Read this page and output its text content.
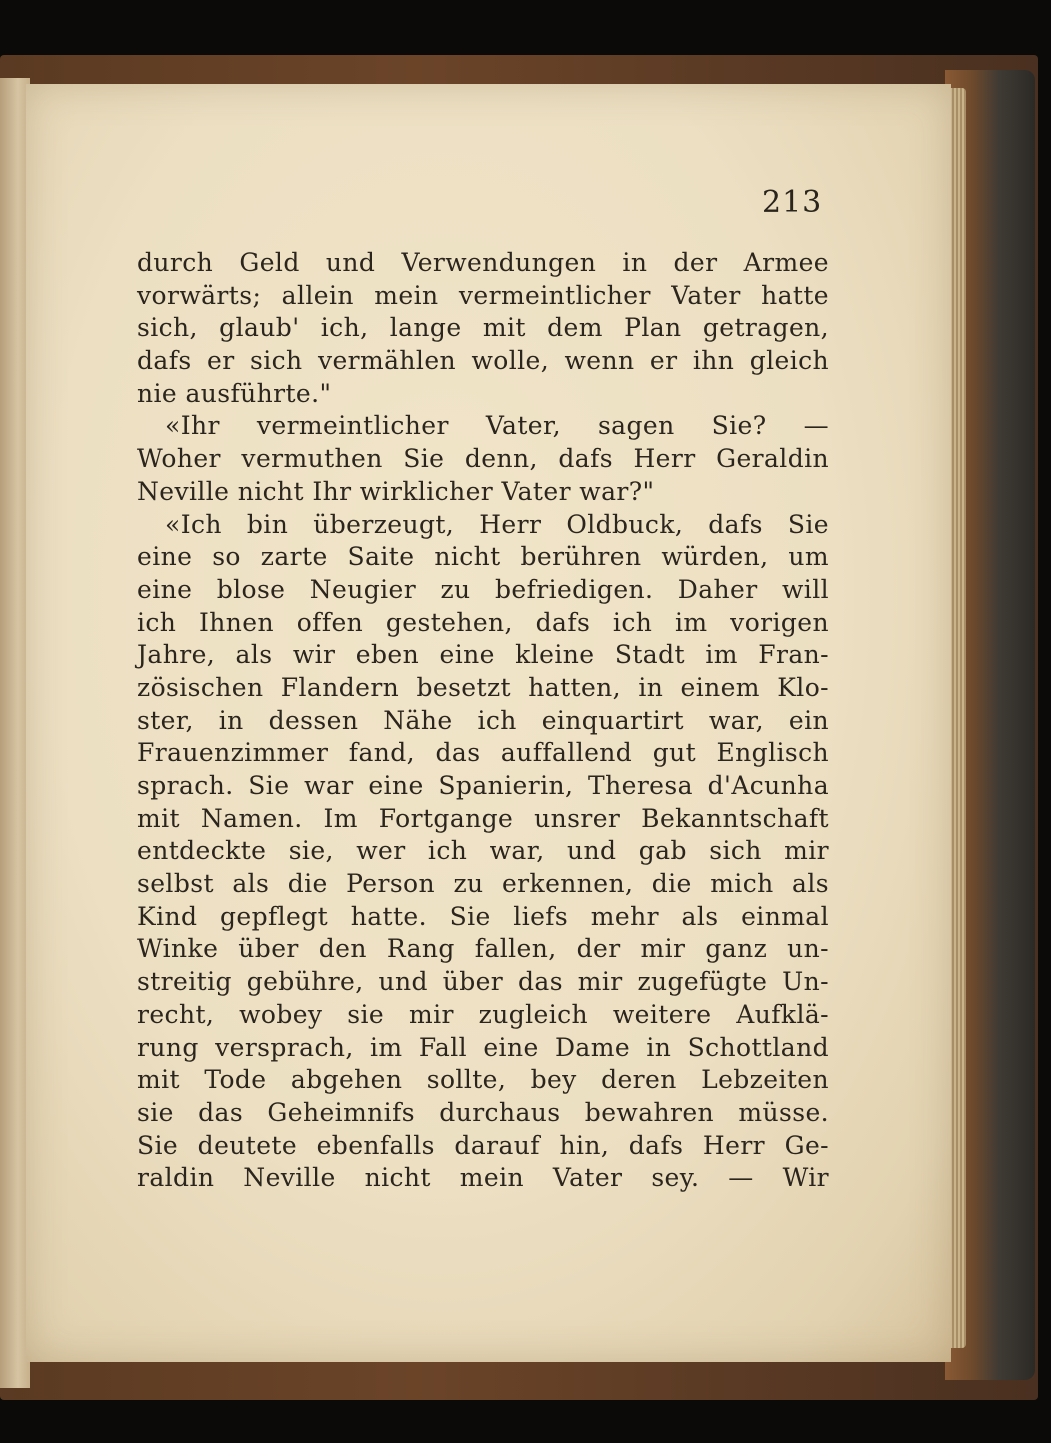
213

durch Geld und Verwendungen in der Armee
vorwärts; allein mein vermeintlicher Vater hatte
sich, glaub' ich, lange mit dem Plan getragen,
dafs er sich vermählen wolle, wenn er ihn gleich
nie ausführte."
«Ihr vermeintlicher Vater, sagen Sie? —
Woher vermuthen Sie denn, dafs Herr Geraldin
Neville nicht Ihr wirklicher Vater war?"
«Ich bin überzeugt, Herr Oldbuck, dafs Sie
eine so zarte Saite nicht berühren würden, um
eine blose Neugier zu befriedigen. Daher will
ich Ihnen offen gestehen, dafs ich im vorigen
Jahre, als wir eben eine kleine Stadt im Fran-
zösischen Flandern besetzt hatten, in einem Klo-
ster, in dessen Nähe ich einquartirt war, ein
Frauenzimmer fand, das auffallend gut Englisch
sprach. Sie war eine Spanierin, Theresa d'Acunha
mit Namen. Im Fortgange unsrer Bekanntschaft
entdeckte sie, wer ich war, und gab sich mir
selbst als die Person zu erkennen, die mich als
Kind gepflegt hatte. Sie liefs mehr als einmal
Winke über den Rang fallen, der mir ganz un-
streitig gebühre, und über das mir zugefügte Un-
recht, wobey sie mir zugleich weitere Aufklä-
rung versprach, im Fall eine Dame in Schottland
mit Tode abgehen sollte, bey deren Lebzeiten
sie das Geheimnifs durchaus bewahren müsse.
Sie deutete ebenfalls darauf hin, dafs Herr Ge-
raldin Neville nicht mein Vater sey. — Wir
